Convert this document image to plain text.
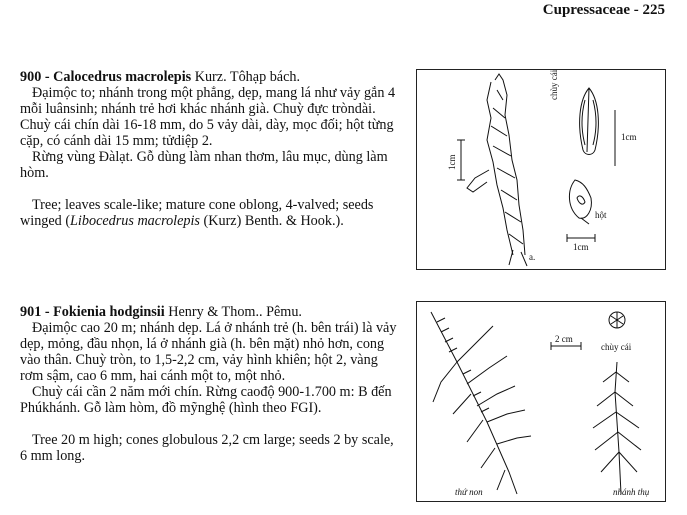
Cupressaceae - 225

900 - Calocedrus macrolepis Kurz. Tôhạp bách.

Đạimộc to; nhánh trong một phẳng, dẹp, mang lá như vảy gắn 4 mỗi luânsinh; nhánh trẻ hơi khác nhánh già. Chuỳ đực tròndài. Chuỳ cái chín dài 16-18 mm, do 5 vảy dài, dày, mọc đối; hột từng cặp, có cánh dài 15 mm; tửdiệp 2.

Rừng vùng Đàlạt. Gỗ dùng làm nhan thơm, lâu mục, dùng làm hòm.

Tree; leaves scale-like; mature cone oblong, 4-valved; seeds winged (Libocedrus macrolepis (Kurz) Benth. & Hook.).

901 - Fokienia hodginsii Henry & Thom.. Pêmu.

Đạimộc cao 20 m; nhánh dẹp. Lá ở nhánh trẻ (h. bên trái) là vảy dẹp, mỏng, đầu nhọn, lá ở nhánh già (h. bên mặt) nhỏ hơn, cong vào thân. Chuỳ tròn, to 1,5-2,2 cm, vảy hình khiên; hột 2, vàng rơm sậm, cao 6 mm, hai cánh một to, một nhỏ.

Chuỳ cái cần 2 năm mới chín. Rừng caođộ 900-1.700 m: B đến Phúkhánh. Gỗ làm hòm, đồ mỹnghệ (hình theo FGI).

Tree 20 m high; cones globulous 2,2 cm large; seeds 2 by scale, 6 mm long.

chùy cái
hột
1cm
1cm
1cm
a.
2 cm
chùy cái
thứ non	nhánh thụ
